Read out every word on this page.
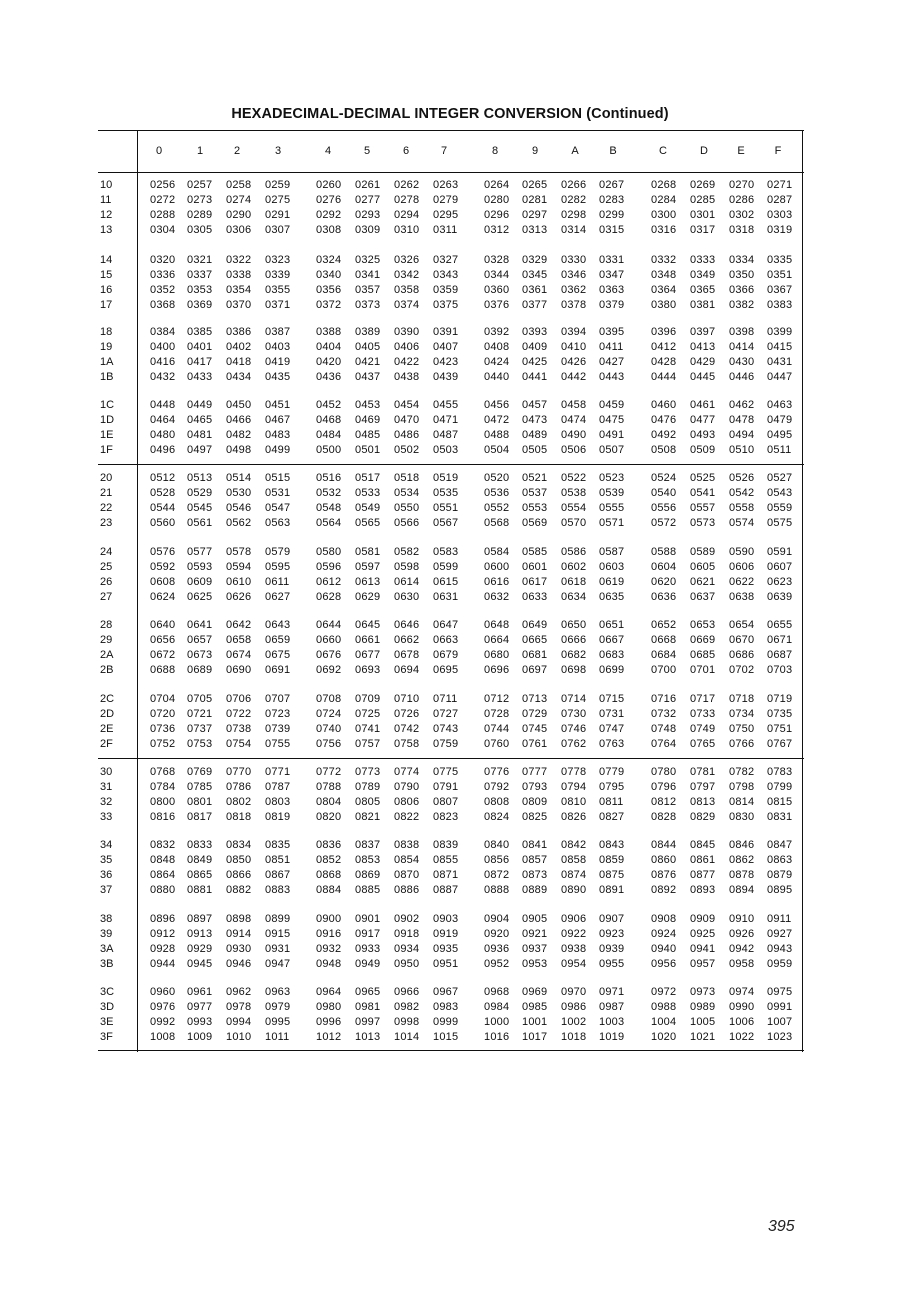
HEXADECIMAL-DECIMAL INTEGER CONVERSION (Continued)
0	1	2	3	4	5	6	7	8	9	A	B	C	D	E	F
10	0256 0257 0258 0259 0260 0261 0262 0263 0264 0265 0266 0267 0268 0269 0270 0271
11	0272 0273 0274 0275 0276 0277 0278 0279 0280 0281 0282 0283 0284 0285 0286 0287
12	0288 0289 0290 0291 0292 0293 0294 0295 0296 0297 0298 0299 0300 0301 0302 0303
13	0304 0305 0306 0307 0308 0309 0310 0311 0312 0313 0314 0315 0316 0317 0318 0319
14	0320 0321 0322 0323 0324 0325 0326 0327 0328 0329 0330 0331 0332 0333 0334 0335
15	0336 0337 0338 0339 0340 0341 0342 0343 0344 0345 0346 0347 0348 0349 0350 0351
16	0352 0353 0354 0355 0356 0357 0358 0359 0360 0361 0362 0363 0364 0365 0366 0367
17	0368 0369 0370 0371 0372 0373 0374 0375 0376 0377 0378 0379 0380 0381 0382 0383
18	0384 0385 0386 0387 0388 0389 0390 0391 0392 0393 0394 0395 0396 0397 0398 0399
19	0400 0401 0402 0403 0404 0405 0406 0407 0408 0409 0410 0411	0412 0413 0414 0415
1A	0416 0417 0418 0419 0420 0421 0422 0423 0424 0425 0426 0427 0428 0429 0430 0431
1B	0432 0433 0434 0435 0436 0437 0438 0439 0440 0441 0442 0443 0444 0445 0446 0447
1C	0448 0449 0450 0451 0452 0453 0454 0455 0456 0457 0458 0459 0460 0461 0462 0463
1D	0464 0465 0466 0467 0468 0469 0470 0471 0472 0473 0474 0475 0476 0477 0478 0479
1E	0480 0481 0482 0483 0484 0485 0486 0487 0488 0489 0490 0491 0492 0493 0494 0495
1F	0496 0497 0498 0499 0500 0501 0502 0503 0504 0505 0506 0507 0508 0509 0510 0511
20	0512 0513 0514 0515 0516 0517 0518 0519 0520 0521 0522 0523 0524 0525 0526 0527
21	0528 0529 0530 0531 0532 0533 0534 0535 0536 0537 0538 0539 0540 0541 0542 0543
22	0544 0545 0546 0547 0548 0549 0550 0551 0552 0553 0554 0555 0556 0557 0558 0559
23	0560 0561 0562 0563 0564 0565 0566 0567 0568 0569 0570 0571 0572 0573 0574 0575
24	0576 0577 0578 0579 0580 0581 0582 0583 0584 0585 0586 0587 0588 0589 0590 0591
25	0592 0593 0594 0595 0596 0597 0598 0599 0600 0601 0602 0603 0604 0605 0606 0607
26	0608 0609 0610 0611 0612 0613 0614 0615 0616 0617 0618 0619 0620 0621 0622 0623
27	0624 0625 0626 0627 0628 0629 0630 0631 0632 0633 0634 0635 0636 0637 0638 0639
28	0640 0641 0642 0643 0644 0645 0646 0647 0648 0649 0650 0651 0652 0653 0654 0655
29	0656 0657 0658 0659 0660 0661 0662 0663 0664 0665 0666 0667 0668 0669 0670 0671
2A	0672 0673 0674 0675 0676 0677 0678 0679 0680 0681 0682 0683 0684 0685 0686 0687
2B	0688 0689 0690 0691 0692 0693 0694 0695 0696 0697 0698 0699 0700 0701 0702 0703
2C	0704 0705 0706 0707 0708 0709 0710 0711 0712 0713 0714 0715 0716 0717 0718 0719
2D	0720 0721 0722 0723 0724 0725 0726 0727 0728 0729 0730 0731 0732 0733 0734 0735
2E	0736 0737 0738 0739 0740 0741 0742 0743 0744 0745 0746 0747 0748 0749 0750 0751
2F	0752 0753 0754 0755 0756 0757 0758 0759 0760 0761 0762 0763 0764 0765 0766 0767
30	0768 0769 0770 0771 0772 0773 0774 0775 0776 0777 0778 0779 0780 0781 0782 0783
31	0784 0785 0786 0787 0788 0789 0790 0791 0792 0793 0794 0795 0796 0797 0798 0799
32	0800 0801 0802 0803 0804 0805 0806 0807 0808 0809 0810 0811	0812 0813 0814 0815
33	0816 0817 0818 0819 0820 0821 0822 0823 0824 0825 0826 0827 0828 0829 0830 0831
34	0832 0833 0834 0835 0836 0837 0838 0839 0840 0841 0842 0843 0844 0845 0846 0847
35	0848 0849 0850 0851 0852 0853 0854 0855 0856 0857 0858 0859 0860 0861 0862 0863
36	0864 0865 0866 0867 0868 0869 0870 0871 0872 0873 0874 0875 0876 0877 0878 0879
37	0880 0881 0882 0883 0884 0885 0886 0887 0888 0889 0890 0891 0892 0893 0894 0895
38	0896 0897 0898 0899 0900 0901 0902 0903 0904 0905 0906 0907 0908 0909 0910 0911
39	0912 0913 0914 0915 0916 0917 0918 0919 0920 0921 0922 0923 0924 0925 0926 0927
3A	0928 0929 0930 0931 0932 0933 0934 0935 0936 0937 0938 0939 0940 0941 0942 0943
3B	0944 0945 0946 0947 0948 0949 0950 0951 0952 0953 0954 0955 0956 0957 0958 0959
3C	0960 0961 0962 0963 0964 0965 0966 0967 0968 0969 0970 0971 0972 0973 0974 0975
3D	0976 0977 0978 0979 0980 0981 0982 0983 0984 0985 0986 0987 0988 0989 0990 0991
3E	0992 0993 0994 0995 0996 0997 0998 0999 1000 1001 1002 1003 1004 1005 1006 1007
3F	1008 1009 1010 1011 1012 1013 1014 1015 1016 1017 1018 1019 1020 1021 1022 1023
395
